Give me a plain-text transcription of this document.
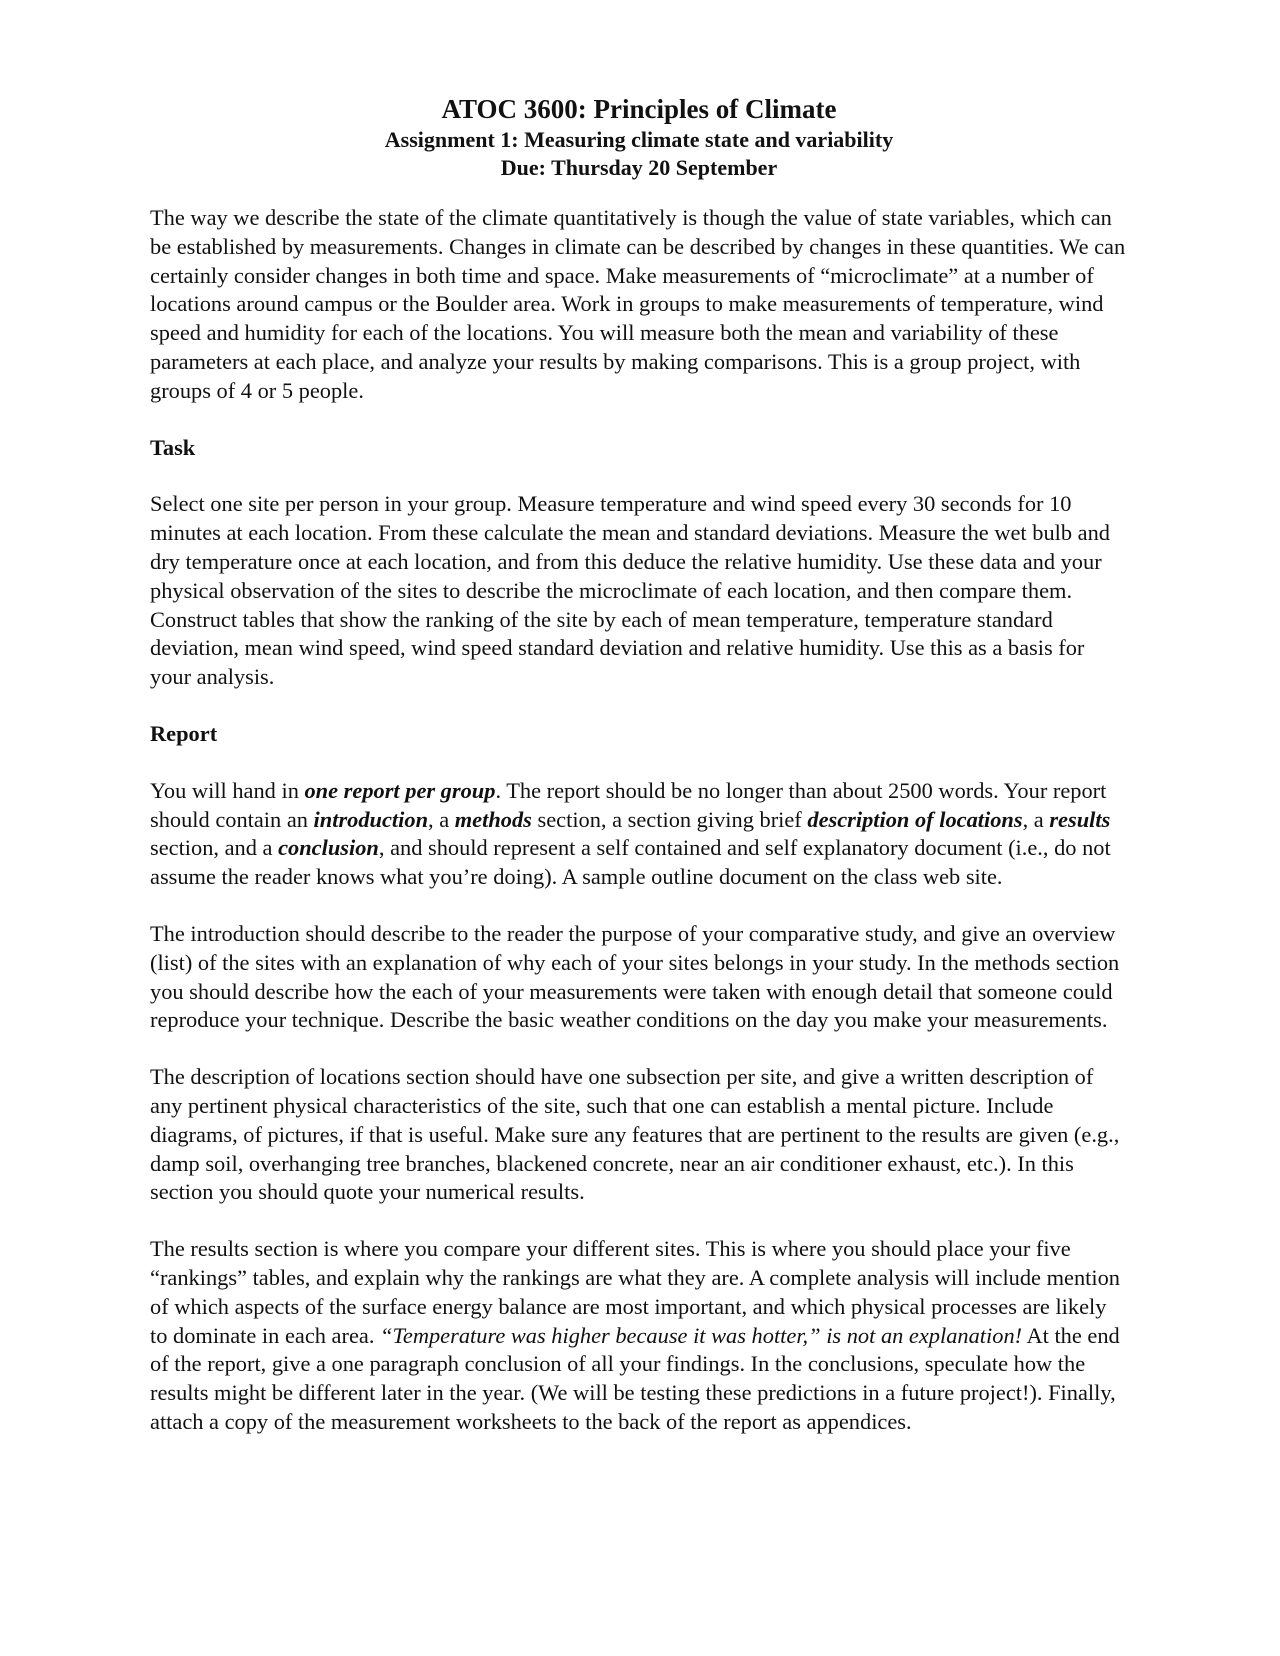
ATOC 3600: Principles of Climate
Assignment 1: Measuring climate state and variability
Due: Thursday 20 September

The way we describe the state of the climate quantitatively is though the value of state variables, which can be established by measurements. Changes in climate can be described by changes in these quantities. We can certainly consider changes in both time and space. Make measurements of “microclimate” at a number of locations around campus or the Boulder area. Work in groups to make measurements of temperature, wind speed and humidity for each of the locations. You will measure both the mean and variability of these parameters at each place, and analyze your results by making comparisons. This is a group project, with groups of 4 or 5 people.

Task

Select one site per person in your group. Measure temperature and wind speed every 30 seconds for 10 minutes at each location. From these calculate the mean and standard deviations. Measure the wet bulb and dry temperature once at each location, and from this deduce the relative humidity. Use these data and your physical observation of the sites to describe the microclimate of each location, and then compare them. Construct tables that show the ranking of the site by each of mean temperature, temperature standard deviation, mean wind speed, wind speed standard deviation and relative humidity. Use this as a basis for your analysis.

Report

You will hand in one report per group. The report should be no longer than about 2500 words. Your report should contain an introduction, a methods section, a section giving brief description of locations, a results section, and a conclusion, and should represent a self contained and self explanatory document (i.e., do not assume the reader knows what you’re doing). A sample outline document on the class web site.

The introduction should describe to the reader the purpose of your comparative study, and give an overview (list) of the sites with an explanation of why each of your sites belongs in your study. In the methods section you should describe how the each of your measurements were taken with enough detail that someone could reproduce your technique. Describe the basic weather conditions on the day you make your measurements.

The description of locations section should have one subsection per site, and give a written description of any pertinent physical characteristics of the site, such that one can establish a mental picture. Include diagrams, of pictures, if that is useful. Make sure any features that are pertinent to the results are given (e.g., damp soil, overhanging tree branches, blackened concrete, near an air conditioner exhaust, etc.). In this section you should quote your numerical results.

The results section is where you compare your different sites. This is where you should place your five “rankings” tables, and explain why the rankings are what they are. A complete analysis will include mention of which aspects of the surface energy balance are most important, and which physical processes are likely to dominate in each area. “Temperature was higher because it was hotter,” is not an explanation! At the end of the report, give a one paragraph conclusion of all your findings. In the conclusions, speculate how the results might be different later in the year. (We will be testing these predictions in a future project!). Finally, attach a copy of the measurement worksheets to the back of the report as appendices.
